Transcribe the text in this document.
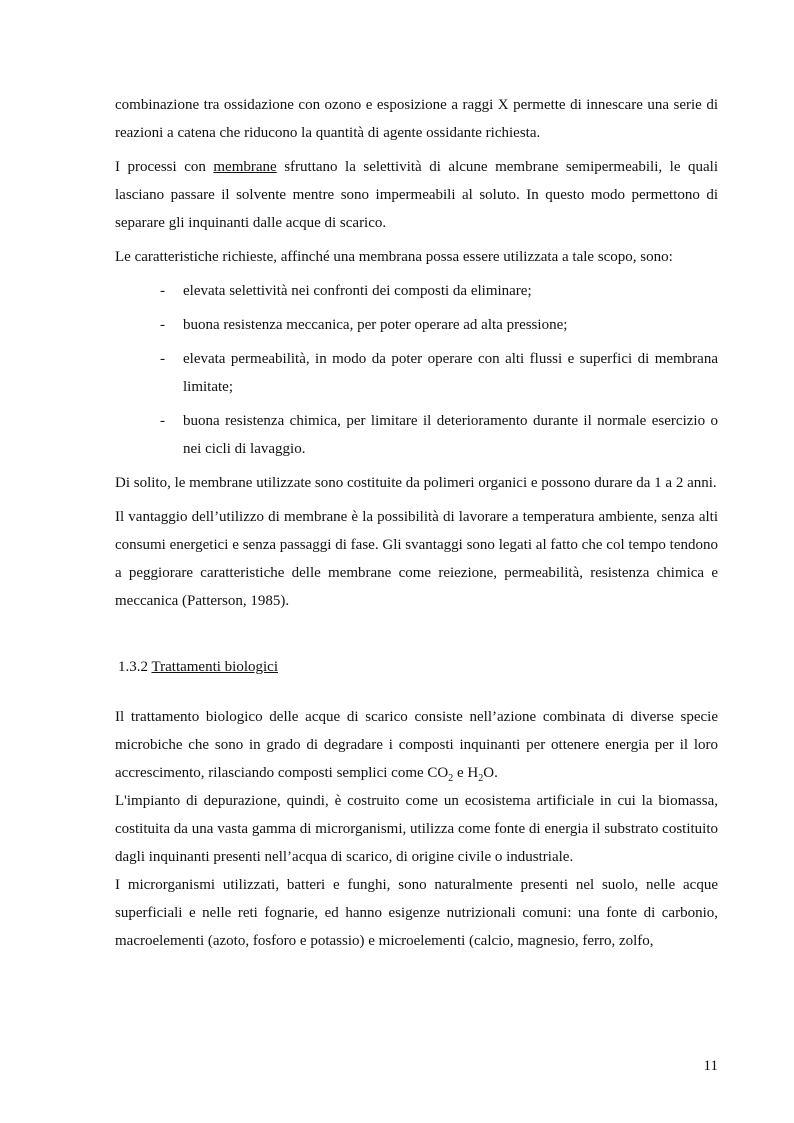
combinazione tra ossidazione con ozono e esposizione a raggi X permette di innescare una serie di reazioni a catena che riducono la quantità di agente ossidante richiesta.

I processi con membrane sfruttano la selettività di alcune membrane semipermeabili, le quali lasciano passare il solvente mentre sono impermeabili al soluto. In questo modo permettono di separare gli inquinanti dalle acque di scarico.

Le caratteristiche richieste, affinché una membrana possa essere utilizzata a tale scopo, sono:

- elevata selettività nei confronti dei composti da eliminare;
- buona resistenza meccanica, per poter operare ad alta pressione;
- elevata permeabilità, in modo da poter operare con alti flussi e superfici di membrana limitate;
- buona resistenza chimica, per limitare il deterioramento durante il normale esercizio o nei cicli di lavaggio.

Di solito, le membrane utilizzate sono costituite da polimeri organici e possono durare da 1 a 2 anni.

Il vantaggio dell’utilizzo di membrane è la possibilità di lavorare a temperatura ambiente, senza alti consumi energetici e senza passaggi di fase. Gli svantaggi sono legati al fatto che col tempo tendono a peggiorare caratteristiche delle membrane come reiezione, permeabilità, resistenza chimica e meccanica (Patterson, 1985).

1.3.2 Trattamenti biologici

Il trattamento biologico delle acque di scarico consiste nell’azione combinata di diverse specie microbiche che sono in grado di degradare i composti inquinanti per ottenere energia per il loro accrescimento, rilasciando composti semplici come $CO_2$ e $H_2O$.

L'impianto di depurazione, quindi, è costruito come un ecosistema artificiale in cui la biomassa, costituita da una vasta gamma di microrganismi, utilizza come fonte di energia il substrato costituito dagli inquinanti presenti nell’acqua di scarico, di origine civile o industriale.

I microrganismi utilizzati, batteri e funghi, sono naturalmente presenti nel suolo, nelle acque superficiali e nelle reti fognarie, ed hanno esigenze nutrizionali comuni: una fonte di carbonio, macroelementi (azoto, fosforo e potassio) e microelementi (calcio, magnesio, ferro, zolfo,

11
